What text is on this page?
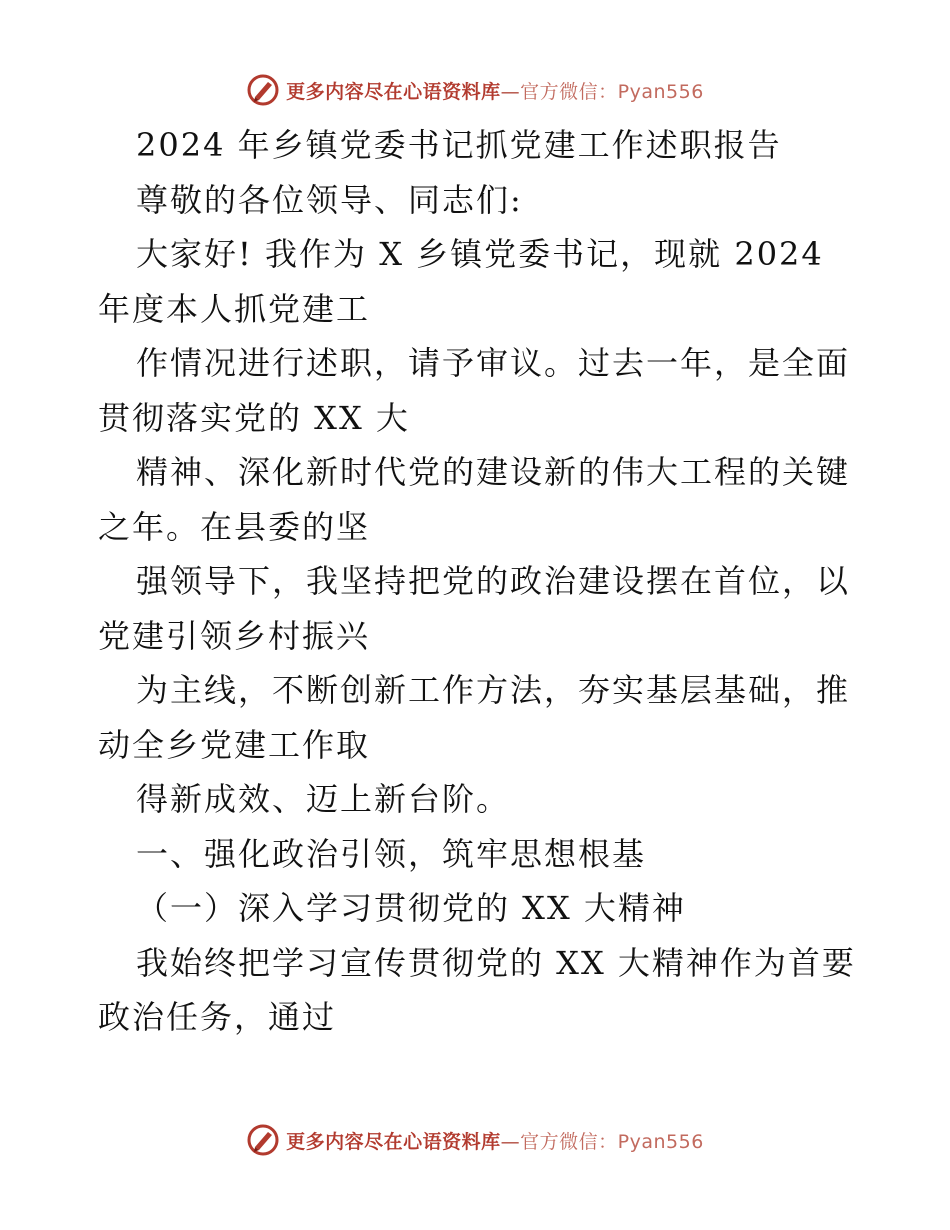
更多内容尽在心语资料库—官方微信：Pyan556
2024 年乡镇党委书记抓党建工作述职报告
尊敬的各位领导、同志们:
大家好! 我作为 X 乡镇党委书记，现就 2024
年度本人抓党建工
作情况进行述职，请予审议。过去一年，是全面
贯彻落实党的 XX 大
精神、深化新时代党的建设新的伟大工程的关键
之年。在县委的坚
强领导下，我坚持把党的政治建设摆在首位，以
党建引领乡村振兴
为主线，不断创新工作方法，夯实基层基础，推
动全乡党建工作取
得新成效、迈上新台阶。
一、强化政治引领，筑牢思想根基
（一）深入学习贯彻党的 XX 大精神
我始终把学习宣传贯彻党的 XX 大精神作为首要
政治任务，通过
更多内容尽在心语资料库—官方微信：Pyan556
